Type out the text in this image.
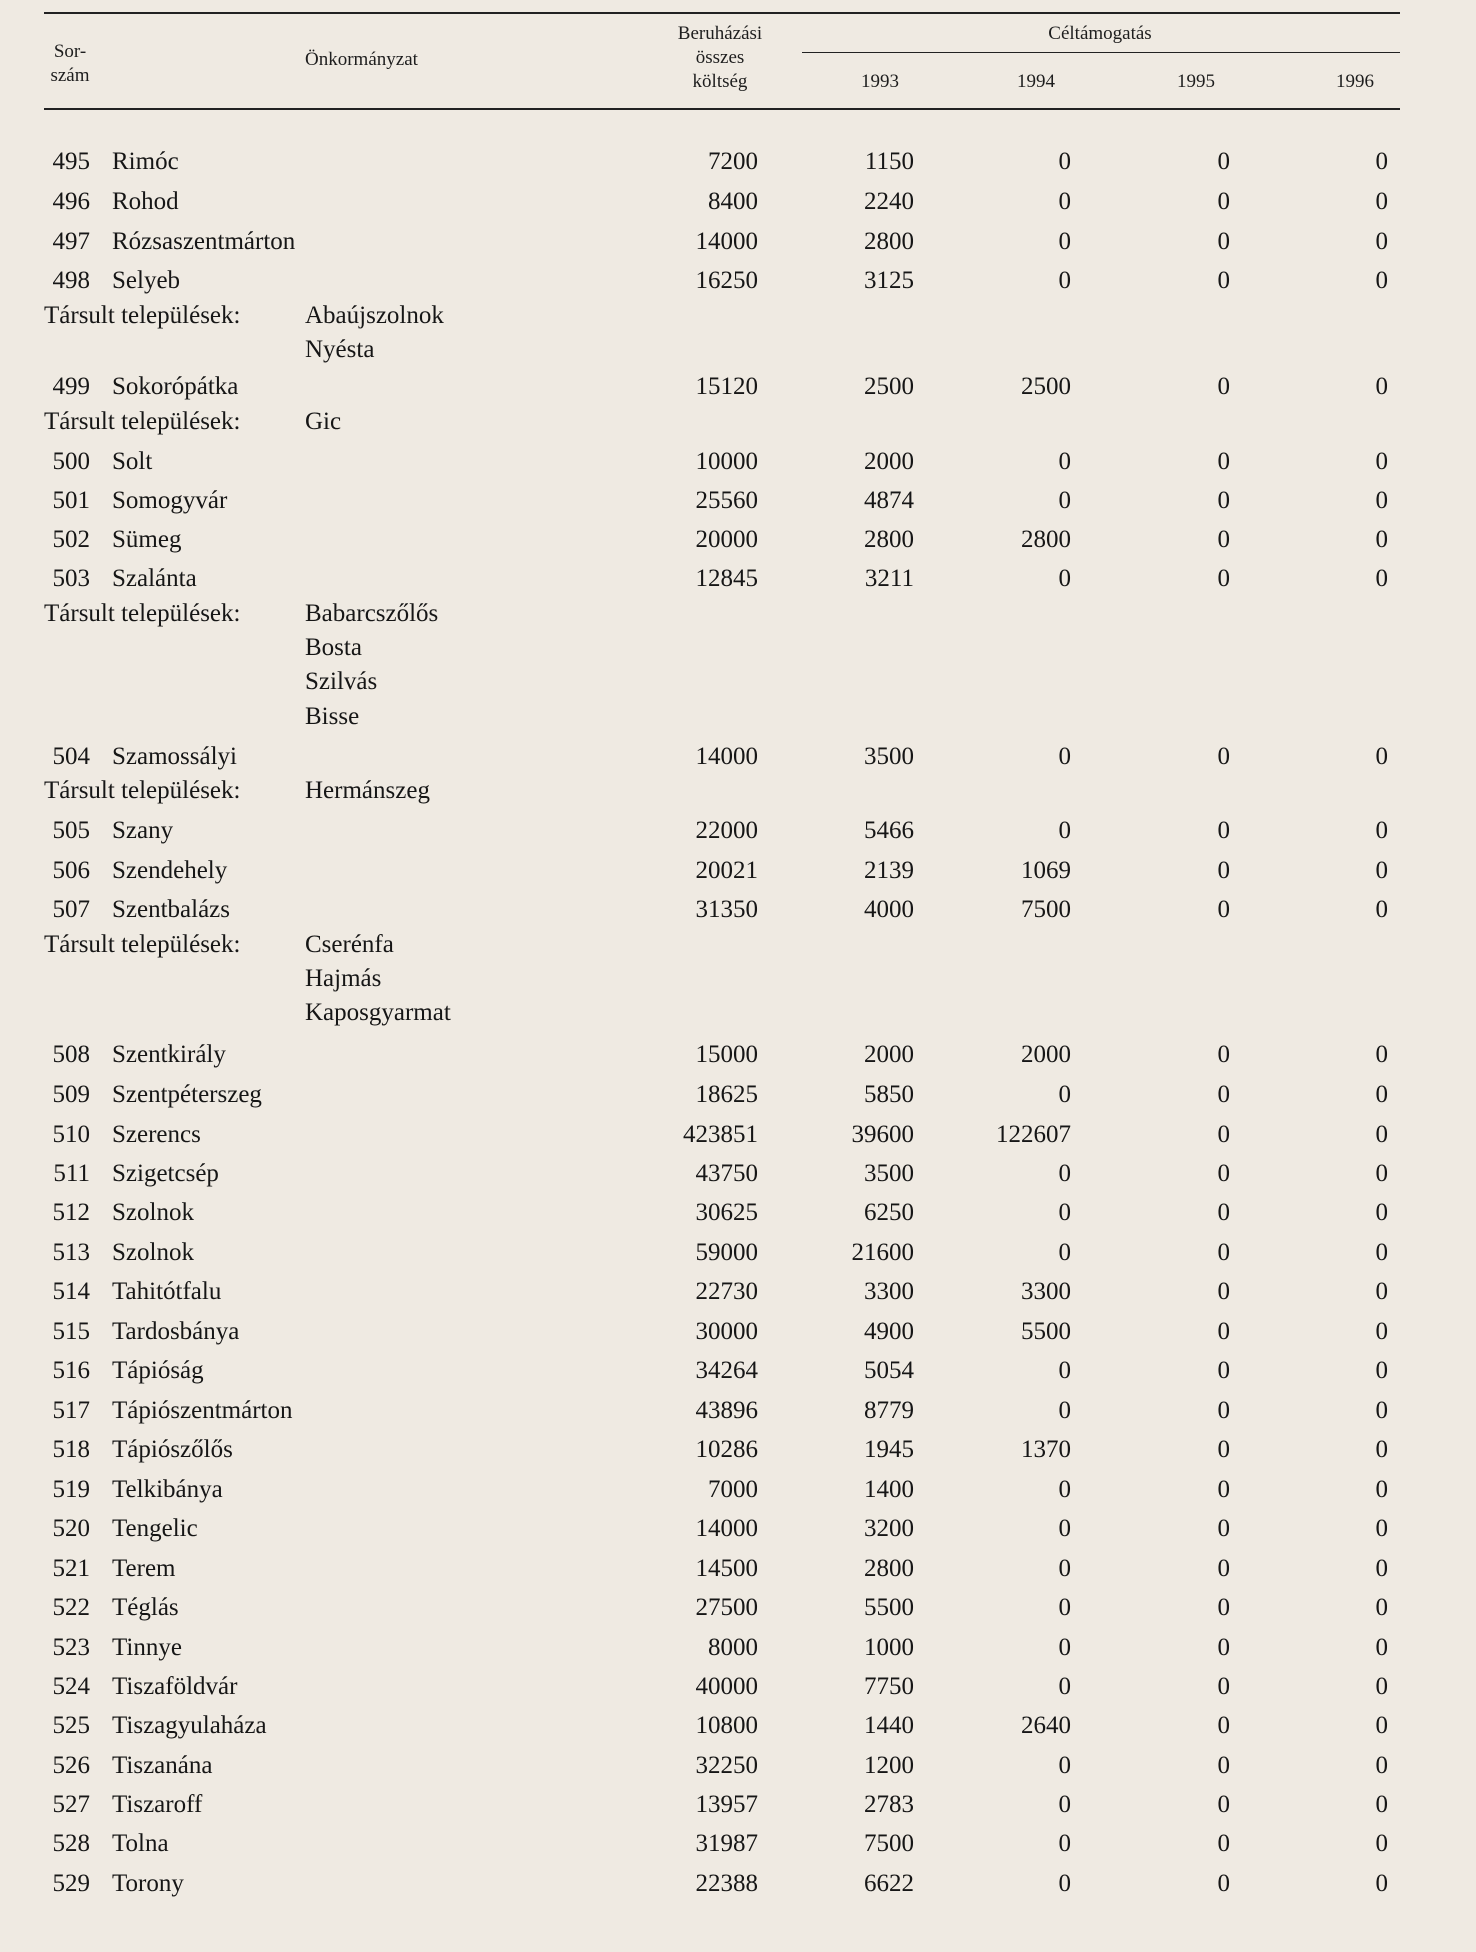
Sor-
szám
Önkormányzat
Beruházási
összes
költség
Céltámogatás
1993	1994	1995	1996
495 Rimóc	7200	1150	0	0	0
496 Rohod	8400	2240	0	0	0
497 Rózsaszentmárton	14000	2800	0	0	0
498 Selyeb	16250	3125	0	0	0
Társult települések:	Abaújszolnok
Nyésta
499 Sokorópátka	15120	2500	2500	0	0
Társult települések:	Gic
500 Solt	10000	2000	0	0	0
501 Somogyvár	25560	4874	0	0	0
502 Sümeg	20000	2800	2800	0	0
503 Szalánta	12845	3211	0	0	0
Társult települések:	Babarcszőlős
Bosta
Szilvás
Bisse
504 Szamossályi	14000	3500	0	0	0
Társult települések:	Hermánszeg
505 Szany	22000	5466	0	0	0
506 Szendehely	20021	2139	1069	0	0
507 Szentbalázs	31350	4000	7500	0	0
Társult települések:	Cserénfa
Hajmás
Kaposgyarmat
508 Szentkirály	15000	2000	2000	0	0
509 Szentpéterszeg	18625	5850	0	0	0
510 Szerencs	423851	39600	122607	0	0
511 Szigetcsép	43750	3500	0	0	0
512 Szolnok	30625	6250	0	0	0
513 Szolnok	59000	21600	0	0	0
514 Tahitótfalu	22730	3300	3300	0	0
515 Tardosbánya	30000	4900	5500	0	0
516 Tápióság	34264	5054	0	0	0
517 Tápiószentmárton	43896	8779	0	0	0
518 Tápiószőlős	10286	1945	1370	0	0
519 Telkibánya	7000	1400	0	0	0
520 Tengelic	14000	3200	0	0	0
521 Terem	14500	2800	0	0	0
522 Téglás	27500	5500	0	0	0
523 Tinnye	8000	1000	0	0	0
524 Tiszaföldvár	40000	7750	0	0	0
525 Tiszagyulaháza	10800	1440	2640	0	0
526 Tiszanána	32250	1200	0	0	0
527 Tiszaroff	13957	2783	0	0	0
528 Tolna	31987	7500	0	0	0
529 Torony	22388	6622	0	0	0
